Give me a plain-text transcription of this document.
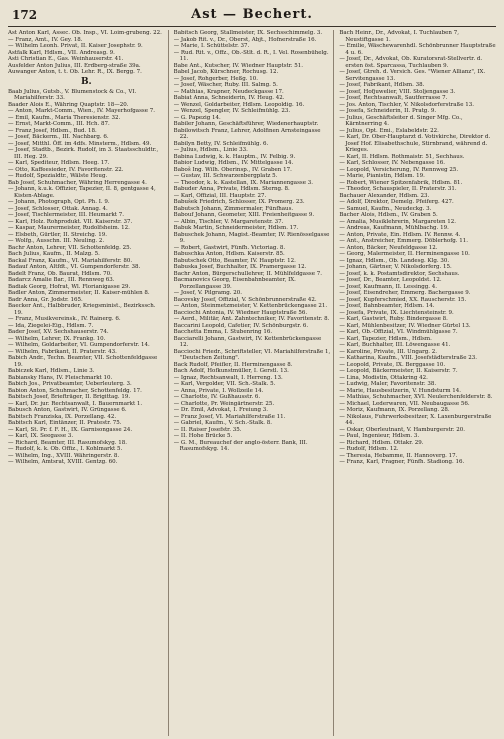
172	Ast — Bechert.

Ast Anton Karl, Assec. Ob. Insp., VI. Loim-grubeng. 22.

— Franz, Amt., IV. Gey. 18.

— Wilhelm Leonh. Privat, II. Kaiser Josephstr. 9.

Astfalk Karl, Hdlsm., VII. Andreasg. 9.

Asti Christian E., Gas. Weinhauserstr. 41.

Ausfelder Anton Julius, III. Erdberg-straße 39a.

Auwanger Anton, t. t. Ob. Lehr. R., IX. Bergg. 7.

B.

Baab Julius, Gutsb., V. Blumenstock & Co., VI. Mariahilferstr. 33.

Baader Alois E., Währing Quaptstr. 18—20.

— Anton, Markt-Comm., Wien., IV. Mayerhofgasse 7.

— Emil, Kaufm., Maria Theresienstr. 32.

— Ernst, Markt-Comm., III. Hch. 87.

— Franz Josef, Hdlsm., Bud. 18.

— Josef, Bäckerm., III. Nachbarg. 6.

— Josef, Mitthl. Öff. im 4dfs. Minsterm., Hdlsm. 49.

— Josef, Stadtb., Bezirk. Rudolf, im 3. Staatsschuldtr., III. Heg. 29.

— Karl, Spediteur, Hdlsm. Heeg. 17.

— Otto, Kaffeesieder, IV. Favoritenstr. 22.

— Rudolf, Spezialdtr., Wälste Heug.

Bab Josef, Schuhmacher, Währing Herrengasse 4.

— Johann, k.u.k. Offizier, Tapezier, II. 8, gentgasse 4, Kisten-Ablage.

— Johann, Photograph, Opt. Ph. I. 9.

— Josef, Schlosser, Ottak. Annag. 4.

— Josef, Tischlermeister, III. Heumarkt 7.

— Karl, Holz. Rohprodukt. VII. Kaiserstr. 37.

— Kaspar, Maurermeister, Rudolfsheim. 12.

— Elsbeth, Gürtler, II. Streichg. 19.

— Wolfg., Ausschn. III. Neuling. 2.

Bachr Anton, Lehrer, VII. Schottenfeldg. 25.

Bach Julius, Kaufm., II. Malzg. 5.

Backal Franz, Kaufm., VI. Mariahilferstr. 80.

Badauf Anton, Altfdt., VI. Gumpendorferstr. 38.

Badelt Franz, Ob. Baurat, Hdlsm. 70.

Badarcz Amalie Bar., III. Rennweg 63.

Badiak Georg, Hofrat, Wl. Florianigasse 29.

Badler Anton, Zimmermeister, II. Kaiser-mühlen 8.

Badr Anna, Gr. Jodstr. 165.

Baecker Ant., Halbbruder, Kriegsminist., Bezirkssch. 19.

— Franz, Musikvereinsk., IV. Rainerg. 6.

— Ida, Ziegelei-Eig., Hdlsm. 7.

Bader Josef, XV. Sechshauserstr. 74.

— Wilhelm, Lehrer, IX. Frankg. 10.

— Wilhelm, Goldarbeiter, VI. Gumpendorferstr. 14.

— Wilhelm, Fabrikant, II. Praterstr. 43.

Babich Andr., Techn. Beamter, VII. Schottenfeldgasse 19.

Babiczek Karl, Hdlsm., Linie 3.

Babiansky Hans, IV. Fleischmarkt 10.

Babich Jos., Privatbeamter, Ueberleuterg. 3.

Babion Anton, Schuhmacher, Schottenfeldg. 17.

Babitsch Josef, Briefträger, II. Brigittag. 19.

— Karl, Dr. jur. Rechtsanwalt, I. Bauernmarkt 1.

Babusch Anton, Gastwirt, IV. Grüngasse 6.

Babitsch Franziska, IX. Porzellang. 42.

Babitsch Karl, Eintänzer, II. Pratestr. 75.

— Karl, St. Pr. f. F. H., IX. Garnisongasse 24.

— Karl, IX. Seegasse 3.

— Richard, Beamter, III. Rasumofskyg. 18.

— Rudolf, k. k. Ob. Offiz., I. Kohlmarkt 5.

— Wilhelm, Ing., XVIII. Währingerstr. 8.

— Wilhelm, Amtsrat, XVIII. Gentzg. 60.

Babitsch Georg, Stallmeister, IX. Sechsschimmelg. 3.

— Jakob Rit. v., Dr., Oberst, Abjt., Hofnerstraße 16.

— Marie, I. Schüttelstr. 37.

— Rud. Rit. v., Offz., Ob.-Stlt. d. R., I. Vel. Rosenbühelg. 11.

Babe Ant., Kutscher, IV. Wiedner Hauptstr. 51.

Babel Jacob, Kürschner, Rochusg. 12.

— Josef, Rohgerber, Heßg. 10.

— Josef, Wäscher, Ruby. III. Salmg. 5.

— Mathias, Krapner, Neudeckgasse 17.

Babiat Anna, Schneiderin, IV. Heug. 42.

— Wenzel, Goldarbeiter, Hdlsm. Leopoldig. 16.

— Wenzel, Spengler, IV. Schleifmühlg. 23.

— G. Papezig 14.

Babiler Johann, Geschäftsführer, Wiedenerhauptstr.

Babilowitsch Franz, Lehrer, Adolfinen Arnsteingasse 22.

Babilyn Betty, IV. Schleifmühlg. 6.

— Julius, Hdlsm., Linie 33.

Babina Ludwig, k. k. Hauptm., IV. Felbig. 9.

Babior Ludwig, Hdlsm., IV. Mittelgasse 14.

Baboš Ing. Wilh. Oberinsp., IV. Graben 17.

— Gustav, III. Schwarzenbergplatz 5.

— Theodor, k. k. Kastellan, IX. Mariannengasse 3.

Babuder Anna, Private, Hdlsm. Sterng. 8.

— Karl, Offizial, III. Hauptstr. 27.

Babušek Friedrich, Schlosser, IX. Promerg. 23.

Babutsch Johann, Zimmermaler, Fünfhaus.

Babouf Johann, Geometer, XIII. Freienheitgasse 9.

— Albin, Tischler, V. Margaretenstr. 37.

Babuk Martin, Schneidermeister, Hdlsm. 17.

Babuschek Johann, Magist.-Beamter, IV. Rienösselgasse 9.

— Robert, Gastwirt, Fünfh. Victoriag. 8.

Babuschka Anton, Hdlsm. Kaiserstr. 85.

Babutschek Otto, Beamter, IV. Hauptstr. 12.

Babuska Josef, Buchhalter, IX. Pramergasse 12.

Bachr Anton, Bürgerschullehrer, II. Mühlfeldgasse 7.

Bacmanovics Georg, Eisenbahnbeamter, IX. Porzellangasse 39.

— Josef, V. Pilgramg. 20.

Bacovsky Josef, Offizial, V. Schönbrunnerstraße 42.

— Anton, Steinmetzmeister, V. Kettenbrückengasse 21.

Bacciochi Antonia, IV. Wiedner Hauptstraße 56.

— Aerd., Militär, Ant. Zahntechniker, IV. Favoritenstr. 8.

Baccarini Leopold, Cafetier, IV. Schönburgstr. 6.

Bacchetta Emma, I. Stubenring 16.

Bacciarelli Johann, Gastwirt, IV. Kettenbrückengasse 12.

Bacciochi Friedr., Schriftsteller, VI. Mariahilferstraße 1, "Deutschen Zeitung".

Back Rudolf, Pfeifler, II. Herminengasse 8.

Bach Adolf, Hofkunstmüller, I. Gerstl. 13.

— Ignaz, Rechtsanwalt, I. Herreng. 13.

— Karl, Vergolder, VII. Sch.-Stalk. 5.

— Anna, Private, I. Wollzeile 14.

— Charlotte, IV. Gußhausstr. 6.

— Charlotte, Pr. Weingärtnerstr. 25.

— Dr. Emil, Advokat, I. Freiung 3.

— Franz Josef, VI. Mariahilferstraße 11.

— Gabriel, Kaufm., V. Sch.-Stalk. 8.

— II. Raiser Josefstr. 35.

— II. Hohe Brücke 5.

— G. M., Bureauchef der anglo-österr. Bank, III. Rasumofskyg. 14.

Bach Heinr., Dr., Advokat, I. Tuchlauben 7, Neustiftgasse 1.

— Emilie, Wäschewarenhdl. Schönbrunner Hauptstraße 4 u. 6.

— Josef, Dr., Advokat, Ob. Kuratorsrat-Stellvertr. d. ersten öst. Sparcassa, Tuchlauben 9.

— Josef, Gtreh. d. Versich. Ges. "Wiener Allianz", IX. Servitengasse 13.

— Josef, Fabrikant, Hdlsm. 38.

— Josef, Hofjuwelier, VIII. Stoljengasse 3.

— Josef, Rechtsanwalt, Sautferrasse 7.

— Jos. Anton, Tischler, V. Nikolsdorferstraße 13.

— Josefa, Schneiderin, II. Pratg. 9.

— Julius, Geschäftsleiter d. Singer Mfg. Co., Kärntnerring 4.

— Julius, Opt. Emi., Eslabeldstr. 22.

— Karl, Dr. Ober-Hauptarzt d. Votivkirche, Direktor d. Josef Hof. Elisabethschule, Stirnbrand, während d. Krieges.

— Karl, II. Hdlsm. Rothmaistr. 51, Sechhaus.

— Karl, Schlosser, IV. Nebengasse 16.

— Leopold, Versicherung, IV. Rennweg 25.

— Marie, Pianistin, Hdlsm. 19.

— Robert, Wiener Spitzenfabrik, Hdlsm. 81.

— Theodor, Schauspieler, II. Praterstr. 31.

Bachauer Alexander, Hdlsm. 23.

— Adolf, Direktor, Demelg. Pfeiferg. 427.

— Samuel, Kaufm., Neudeckg. 3.

Bacher Alois, Hdlsm., IV. Graben 5.

— Amalia, Musiklehrerin, Margareten 12.

— Andreas, Kaufmann, Mühlbachg. 19.

— Anton, Private, Ein. Hdlsm. IV. Rennw. 4.

— Ant., Anstreicher, Emmerg. Döblerhofg. 11.

— Anton, Bäcker, Neufeldgasse 12.

— Georg, Malermeister, II. Herminengasse 10.

— Ignaz, Hdlsm., Ob. Landesg. Klg. 30.

— Johann, Gärtner, V. Nikolsdorferg. 15.

— Josef, k. k. Postamtsdirektor, Sechshaus.

— Josef, Dr., Beamter, Leopoldst. 12.

— Josef, Kaufmann, II. Lessingg. 4.

— Josef, Eisendreher, Emmerg. Bachergasse 9.

— Josef, Kupferschmied, XX. Rauscherstr. 15.

— Josef, Bahnbeamter, Hdlsm. 14.

— Josefa, Private, IX. Liechtensteinstr. 9.

— Karl, Gastwirt, Ruby. Bindergasse 8.

— Karl, Mühlenbesitzer, IV. Wiedner Gürtel 13.

— Karl, Ob.-Offizial, VI. Windmühlgasse 7.

— Karl, Tapezier, Hdlsm., Hdlsm.

— Karl, Buchhalter, III. Löwengasse 41.

— Karoline, Private, III. Ungarg. 2.

— Katharina, Kaufm., VIII. Josefstädterstraße 23.

— Leopold, Private, IX. Berggasse 10.

— Leopold, Bäckermeister, II. Kaiserstr. 7.

— Lina, Modistin, Ottakring 42.

— Ludwig, Maler, Favoritenstr. 38.

— Marie, Hausbesitzerin, V. Hundsturm 14.

— Mathias, Schuhmacher, XVI. Neulerchenfelderstr. 8.

— Michael, Lederwaren, VII. Neubaugasse 56.

— Moriz, Kaufmann, IX. Porzellang. 28.

— Nikolaus, Fuhrwerksbesitzer, X. Laxenburgerstraße 44.

— Oskar, Oberleutnant, V. Hamburgerstr. 20.

— Paul, Ingenieur, Hdlsm. 3.

— Richard, Hdlsm. Ottakr. 29.

— Rudolf, Hdlsm. 12.

— Theresia, Hebamme, II. Hannoverg. 17.

— Franz, Karl, Fragner, Fünfh. Stadiong. 16.
